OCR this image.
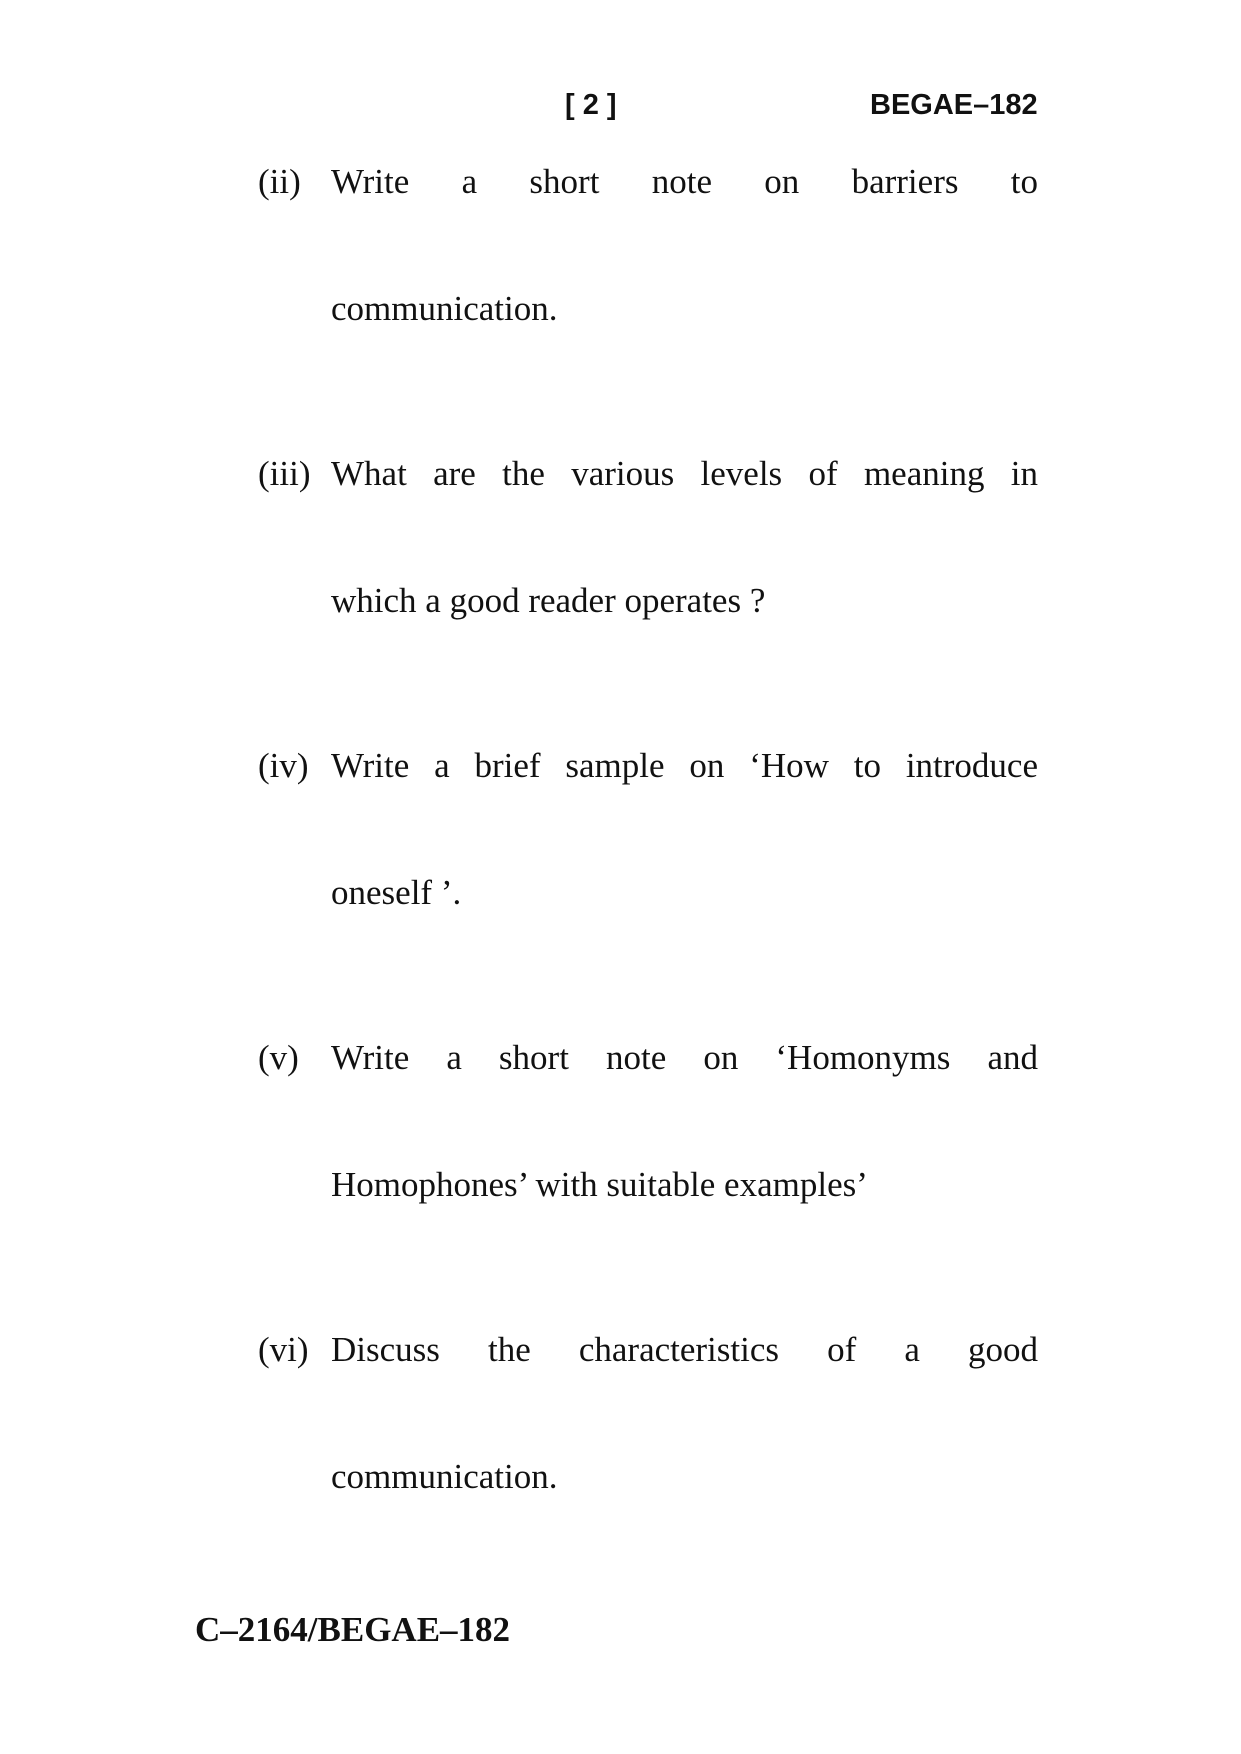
[ 2 ]	BEGAE–182
(ii) Write a short note on barriers to
communication.
(iii) What are the various levels of meaning in
which a good reader operates ?
(iv) Write a brief sample on ‘How to introduce
oneself ’.
(v) Write a short note on ‘Homonyms and
Homophones’ with suitable examples’
(vi) Discuss the characteristics of a good
communication.
C–2164/BEGAE–182
